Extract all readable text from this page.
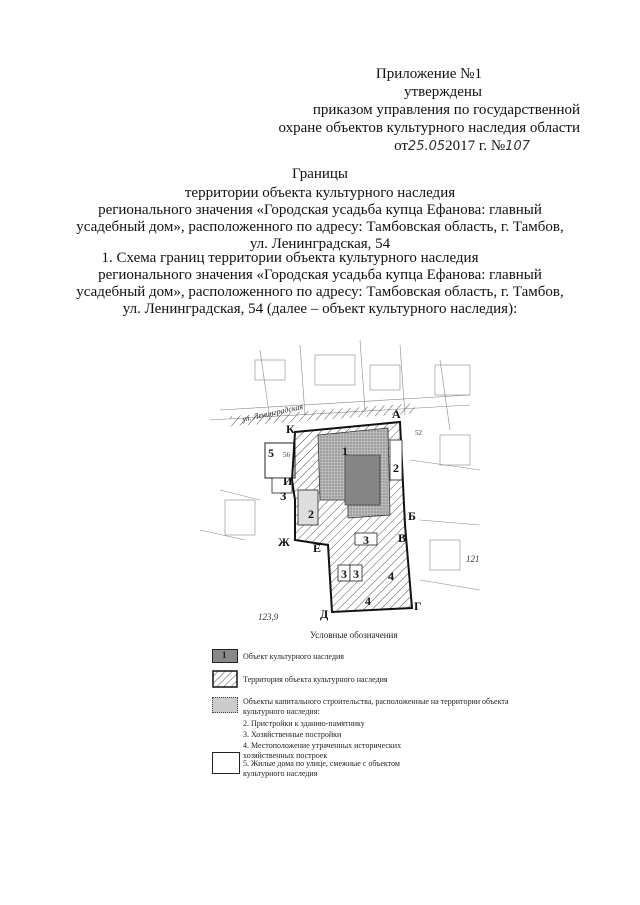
Приложение №1
утверждены
приказом управления по государственной
охране объектов культурного наследия области
от25.052017 г. №107
Границы
территории объекта культурного наследия
регионального значения «Городская усадьба купца Ефанова: главный
усадебный дом», расположенного по адресу: Тамбовская область, г. Тамбов,
ул. Ленинградская, 54
1. Схема границ территории объекта культурного наследия
регионального значения «Городская усадьба купца Ефанова: главный
усадебный дом», расположенного по адресу: Тамбовская область, г. Тамбов,
ул. Ленинградская, 54 (далее – объект культурного наследия):
ул. Ленинградская	А
Б
В
Г
Д
Е
Ж
З
И
К
1
2
2
3
3 3 4
5
4
123,9
121
52
56
Условные обозначения
1 Объект культурного наследия
Территория объекта культурного наследия
Объекты капитального строительства, расположенные на территории объекта культурного наследия:
2. Пристройки к зданию-памятнику
3. Хозяйственные постройки
4. Местоположение утраченных исторических хозяйственных построек
5. Жилые дома по улице, смежные с объектом культурного наследия
